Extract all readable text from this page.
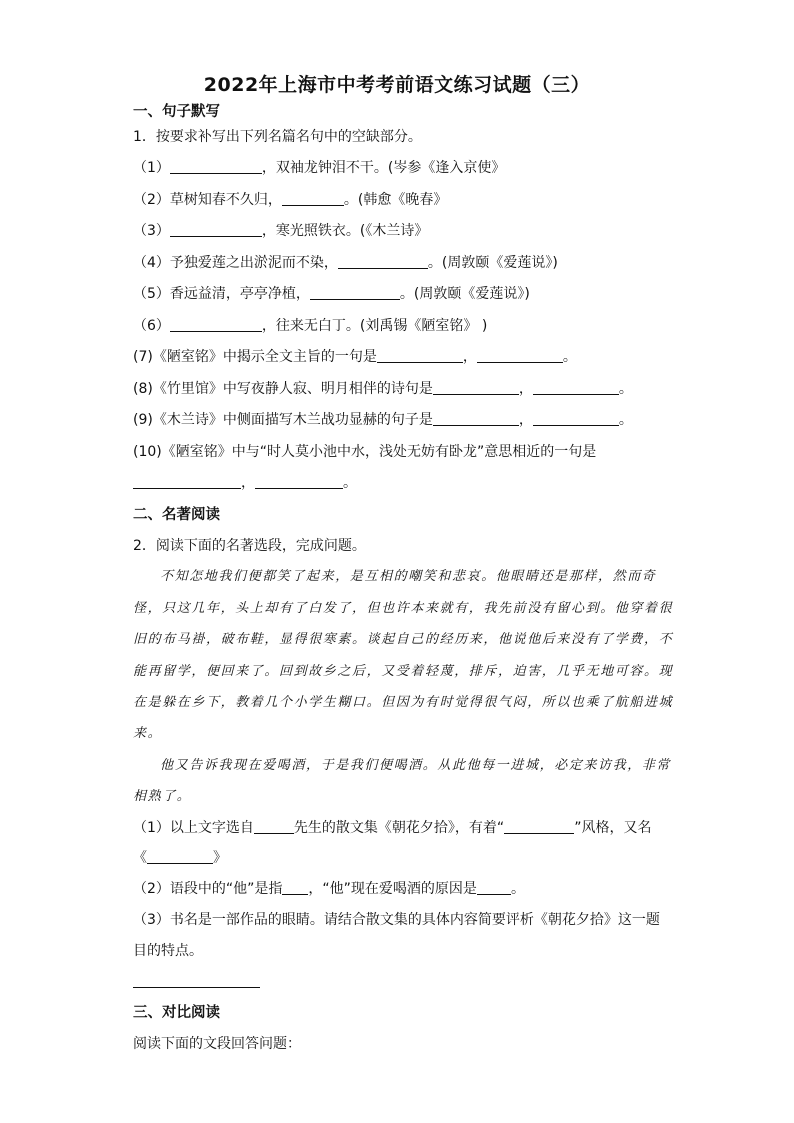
2022年上海市中考考前语文练习试题（三）
一、句子默写
1．按要求补写出下列名篇名句中的空缺部分。
（1）	，双袖龙钟泪不干。(岑参《逢入京使》
（2）草树知春不久归，	。(韩愈《晚春》
（3）	，寒光照铁衣。(《木兰诗》
（4）予独爱莲之出淤泥而不染，	。(周敦颐《爱莲说》)
（5）香远益清，亭亭净植，	。(周敦颐《爱莲说》)
（6）	，往来无白丁。(刘禹锡《陋室铭》 )
(7)《陋室铭》中揭示全文主旨的一句是	，	。
(8)《竹里馆》中写夜静人寂、明月相伴的诗句是	，	。
(9)《木兰诗》中侧面描写木兰战功显赫的句子是	，	。
(10)《陋室铭》中与“时人莫小池中水，浅处无妨有卧龙”意思相近的一句是
，	。
二、名著阅读
2．阅读下面的名著选段，完成问题。
不知怎地我们便都笑了起来，是互相的嘲笑和悲哀。他眼睛还是那样，然而奇
怪，只这几年，头上却有了白发了，但也许本来就有，我先前没有留心到。他穿着很
旧的布马褂，破布鞋，显得很寒素。谈起自己的经历来，他说他后来没有了学费，不
能再留学，便回来了。回到故乡之后，又受着轻蔑，排斥，迫害，几乎无地可容。现
在是躲在乡下，教着几个小学生糊口。但因为有时觉得很气闷，所以也乘了航船进城
来。
他又告诉我现在爱喝酒，于是我们便喝酒。从此他每一进城，必定来访我，非常
相熟了。
（1）以上文字选自	先生的散文集《朝花夕拾》，有着“	”风格，又名
《	》
（2）语段中的“他”是指 ，“他”现在爱喝酒的原因是 。
（3）书名是一部作品的眼睛。请结合散文集的具体内容简要评析《朝花夕拾》这一题
目的特点。
三、对比阅读
阅读下面的文段回答问题：
